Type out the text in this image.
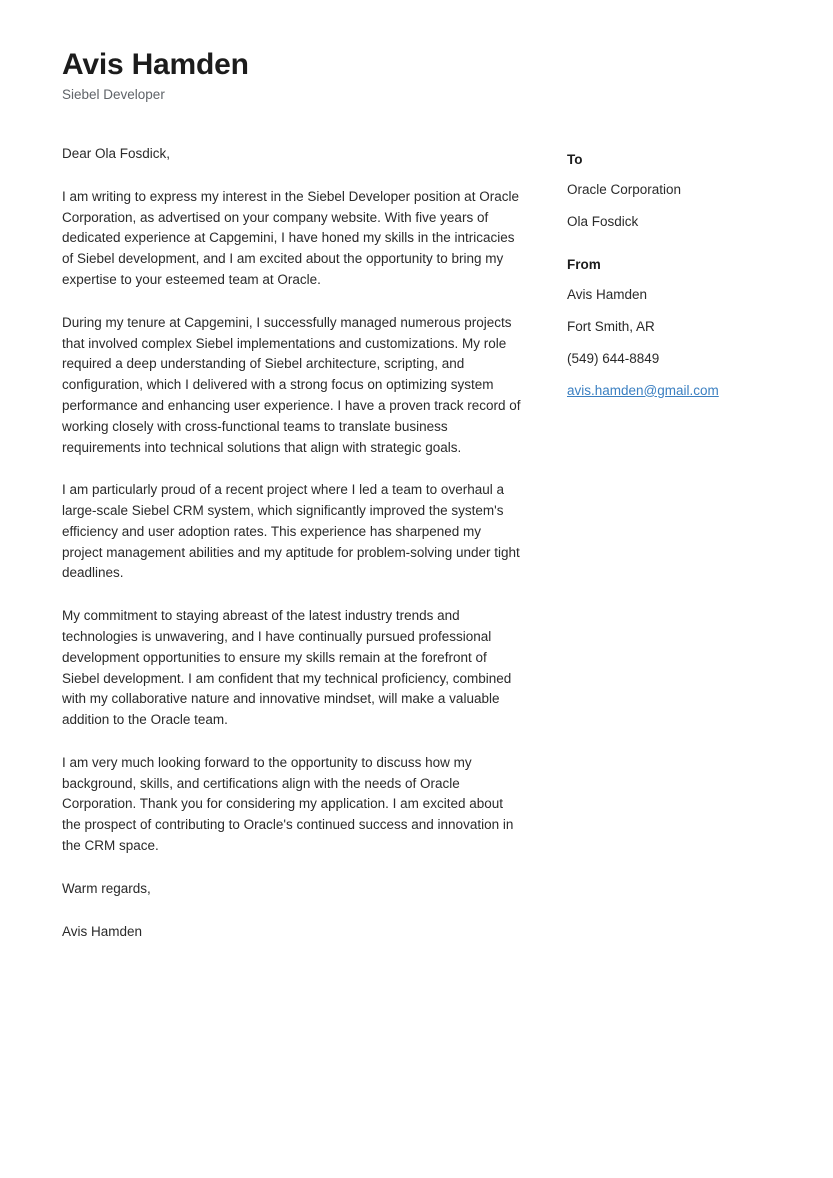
Avis Hamden

Siebel Developer

Dear Ola Fosdick,

I am writing to express my interest in the Siebel Developer position at Oracle Corporation, as advertised on your company website. With five years of dedicated experience at Capgemini, I have honed my skills in the intricacies of Siebel development, and I am excited about the opportunity to bring my expertise to your esteemed team at Oracle.

During my tenure at Capgemini, I successfully managed numerous projects that involved complex Siebel implementations and customizations. My role required a deep understanding of Siebel architecture, scripting, and configuration, which I delivered with a strong focus on optimizing system performance and enhancing user experience. I have a proven track record of working closely with cross-functional teams to translate business requirements into technical solutions that align with strategic goals.

I am particularly proud of a recent project where I led a team to overhaul a large-scale Siebel CRM system, which significantly improved the system's efficiency and user adoption rates. This experience has sharpened my project management abilities and my aptitude for problem-solving under tight deadlines.

My commitment to staying abreast of the latest industry trends and technologies is unwavering, and I have continually pursued professional development opportunities to ensure my skills remain at the forefront of Siebel development. I am confident that my technical proficiency, combined with my collaborative nature and innovative mindset, will make a valuable addition to the Oracle team.

I am very much looking forward to the opportunity to discuss how my background, skills, and certifications align with the needs of Oracle Corporation. Thank you for considering my application. I am excited about the prospect of contributing to Oracle's continued success and innovation in the CRM space.

Warm regards,

Avis Hamden

To

Oracle Corporation

Ola Fosdick

From

Avis Hamden

Fort Smith, AR

(549) 644-8849

avis.hamden@gmail.com
